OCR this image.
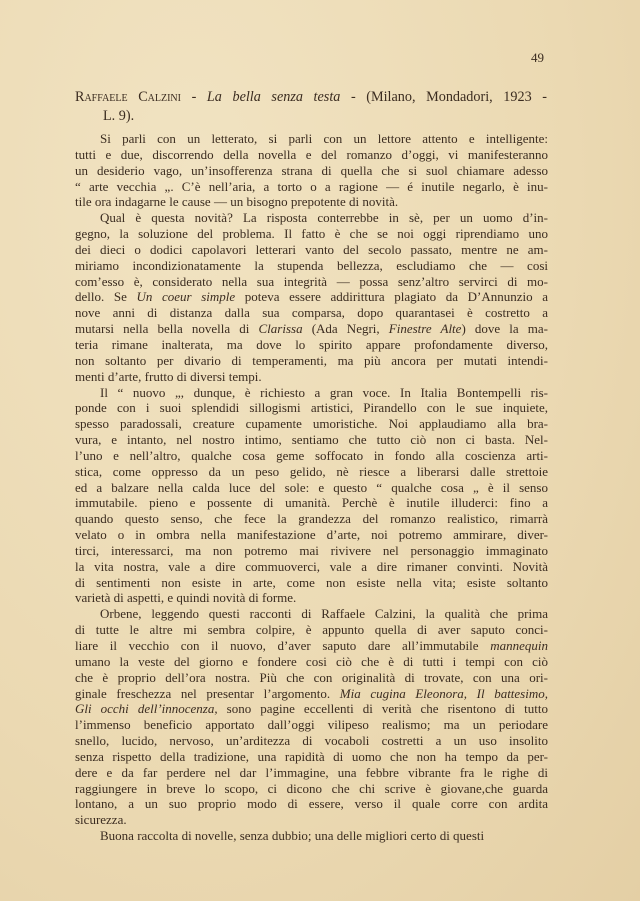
49
Raffaele Calzini - La bella senza testa - (Milano, Mondadori, 1923 -
L. 9).
Si parli con un letterato, si parli con un lettore attento e intelligente:
tutti e due, discorrendo della novella e del romanzo d’oggi, vi manifesteranno
un desiderio vago, un’insofferenza strana di quella che si suol chiamare adesso
“ arte vecchia „. C’è nell’aria, a torto o a ragione — é inutile negarlo, è inu-
tile ora indagarne le cause — un bisogno prepotente di novità.
Qual è questa novità? La risposta conterrebbe in sè, per un uomo d’in-
gegno, la soluzione del problema. Il fatto è che se noi oggi riprendiamo uno
dei dieci o dodici capolavori letterari vanto del secolo passato, mentre ne am-
miriamo incondizionatamente la stupenda bellezza, escludiamo che — cosi
com’esso è, considerato nella sua integrità — possa senz’altro servirci di mo-
dello. Se Un coeur simple poteva essere addirittura plagiato da D’Annunzio a
nove anni di distanza dalla sua comparsa, dopo quarantasei è costretto a
mutarsi nella bella novella di Clarissa (Ada Negri, Finestre Alte) dove la ma-
teria rimane inalterata, ma dove lo spirito appare profondamente diverso,
non soltanto per divario di temperamenti, ma più ancora per mutati intendi-
menti d’arte, frutto di diversi tempi.
Il “ nuovo „, dunque, è richiesto a gran voce. In Italia Bontempelli ris-
ponde con i suoi splendidi sillogismi artistici, Pirandello con le sue inquiete,
spesso paradossali, creature cupamente umoristiche. Noi applaudiamo alla bra-
vura, e intanto, nel nostro intimo, sentiamo che tutto ciò non ci basta. Nel-
l’uno e nell’altro, qualche cosa geme soffocato in fondo alla coscienza arti-
stica, come oppresso da un peso gelido, nè riesce a liberarsi dalle strettoie
ed a balzare nella calda luce del sole: e questo “ qualche cosa „ è il senso
immutabile. pieno e possente di umanità. Perchè è inutile illuderci: fino a
quando questo senso, che fece la grandezza del romanzo realistico, rimarrà
velato o in ombra nella manifestazione d’arte, noi potremo ammirare, diver-
tirci, interessarci, ma non potremo mai rivivere nel personaggio immaginato
la vita nostra, vale a dire commuoverci, vale a dire rimaner convinti. Novità
di sentimenti non esiste in arte, come non esiste nella vita; esiste soltanto
varietà di aspetti, e quindi novità di forme.
Orbene, leggendo questi racconti di Raffaele Calzini, la qualità che prima
di tutte le altre mi sembra colpire, è appunto quella di aver saputo conci-
liare il vecchio con il nuovo, d’aver saputo dare all’immutabile mannequin
umano la veste del giorno e fondere cosi ciò che è di tutti i tempi con ciò
che è proprio dell’ora nostra. Più che con originalità di trovate, con una ori-
ginale freschezza nel presentar l’argomento. Mia cugina Eleonora, Il battesimo,
Gli occhi dell’innocenza, sono pagine eccellenti di verità che risentono di tutto
l’immenso beneficio apportato dall’oggi vilipeso realismo; ma un periodare
snello, lucido, nervoso, un’arditezza di vocaboli costretti a un uso insolito
senza rispetto della tradizione, una rapidità di uomo che non ha tempo da per-
dere e da far perdere nel dar l’immagine, una febbre vibrante fra le righe di
raggiungere in breve lo scopo, ci dicono che chi scrive è giovane,che guarda
lontano, a un suo proprio modo di essere, verso il quale corre con ardita
sicurezza.
Buona raccolta di novelle, senza dubbio; una delle migliori certo di questi
